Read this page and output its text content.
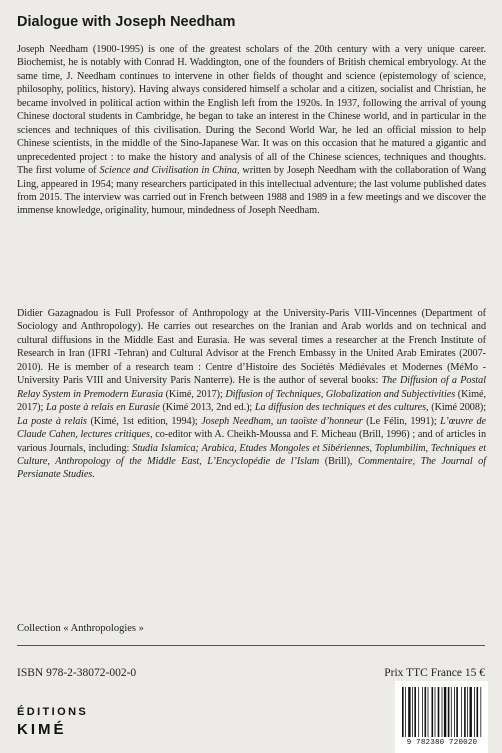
Dialogue with Joseph Needham

Joseph Needham (1900-1995) is one of the greatest scholars of the 20th century with a very unique career. Biochemist, he is notably with Conrad H. Waddington, one of the founders of British chemical embryology. At the same time, J. Needham continues to intervene in other fields of thought and science (epistemology of science, philosophy, politics, history). Having always considered himself a scholar and a citizen, socialist and Christian, he became involved in political action within the English left from the 1920s. In 1937, following the arrival of young Chinese doctoral students in Cambridge, he began to take an interest in the Chinese world, and in particular in the sciences and techniques of this civilisation. During the Second World War, he led an official mission to help Chinese scientists, in the middle of the Sino-Japanese War. It was on this occasion that he matured a gigantic and unprecedented project : to make the history and analysis of all of the Chinese sciences, techniques and thoughts. The first volume of Science and Civilisation in China, written by Joseph Needham with the collaboration of Wang Ling, appeared in 1954; many researchers participated in this intellectual adventure; the last volume published dates from 2015. The interview was carried out in French between 1988 and 1989 in a few meetings and we discover the immense knowledge, originality, humour, mindedness of Joseph Needham.

Didier Gazagnadou is Full Professor of Anthropology at the University-Paris VIII-Vincennes (Department of Sociology and Anthropology). He carries out researches on the Iranian and Arab worlds and on technical and cultural diffusions in the Middle East and Eurasia. He was several times a researcher at the French Institute of Research in Iran (IFRI -Tehran) and Cultural Advisor at the French Embassy in the United Arab Emirates (2007-2010). He is member of a research team : Centre d’Histoire des Sociétés Médiévales et Modernes (MéMo - University Paris VIII and University Paris Nanterre). He is the author of several books: The Diffusion of a Postal Relay System in Premodern Eurasia (Kimé, 2017); Diffusion of Techniques, Globalization and Subjectivities (Kimé, 2017); La poste à relais en Eurasie (Kimé 2013, 2nd ed.); La diffusion des techniques et des cultures, (Kimé 2008); La poste à relais (Kimé, 1st edition, 1994); Joseph Needham, un taoïste d’honneur (Le Félin, 1991); L’œuvre de Claude Cahen, lectures critiques, co-editor with A. Cheikh-Moussa and F. Micheau (Brill, 1996) ; and of articles in various Journals, including: Studia Islamica; Arabica, Etudes Mongoles et Sibériennes, Toplumbilim, Techniques et Culture, Anthropology of the Middle East, L’Encyclopédie de l’Islam (Brill), Commentaire, The Journal of Persianate Studies.

Collection « Anthropologies »
ISBN 978-2-38072-002-0	Prix TTC France 15 €
ÉDITIONS
KIMÉ
9 782380 720020
